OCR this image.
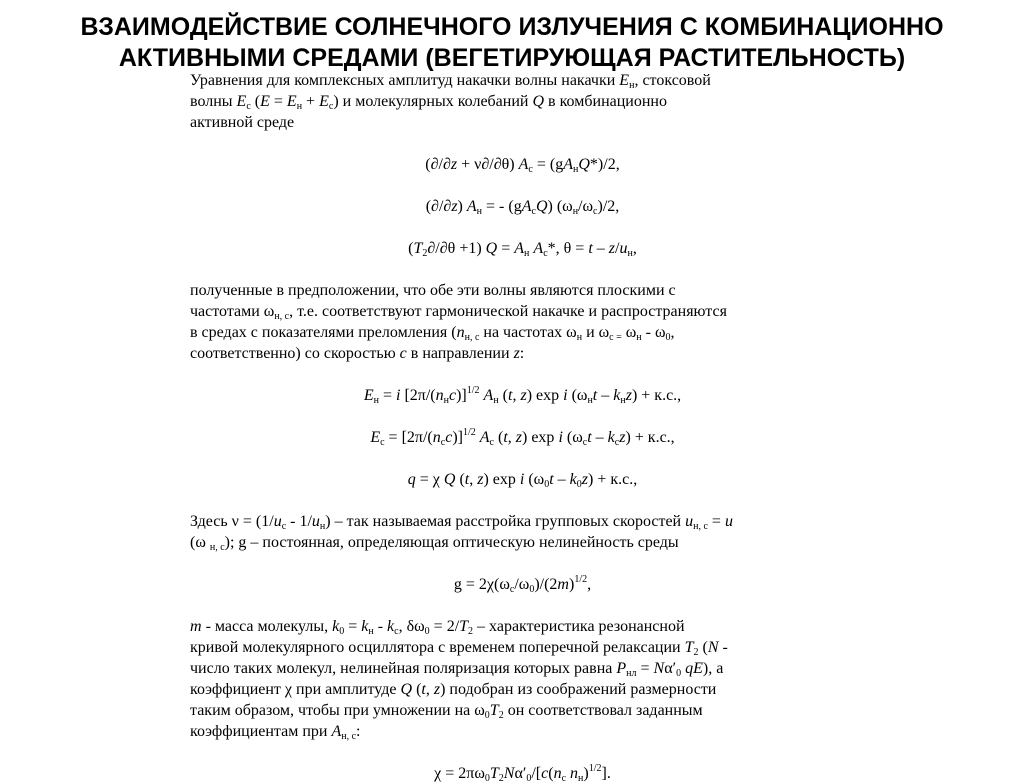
ВЗАИМОДЕЙСТВИЕ СОЛНЕЧНОГО ИЗЛУЧЕНИЯ С КОМБИНАЦИОННО
АКТИВНЫМИ СРЕДАМИ (ВЕГЕТИРУЮЩАЯ РАСТИТЕЛЬНОСТЬ)

Уравнения для комплексных амплитуд накачки волны накачки $E_н$, стоксовой
волны $E_с$ $(E = E_н + E_с)$ и молекулярных колебаний Q в комбинационно
активной среде

(∂/∂z + ν∂/∂θ) $A_с = (gA_нQ*)/2$,

(∂/∂z) $A_н$ = - $(gA_сQ)$ $(\omega_н/\omega_с)/2$,

$(T_2\partial/\partial\theta +1) Q = A_н$ $A_с*$, $\theta = t - z/u_н$,

полученные в предположении, что обе эти волны являются плоскими с
частотами $\omega_{н, с}$, т.е. соответствуют гармонической накачке и распространяются
в средах с показателями преломления ($n_{н, с}$ на частотах $\omega_н$ и $\omega_{с =}$ $\omega_н - \omega_0$,
соответственно) со скоростью c в направлении z:

$E_н = i$ $[2\pi/(n_нc)]^{1/2}$ $A_н$ (t, z) exp i $(\omega_нt - k_нz) + к.с$.,

$E_с = [2\pi/(n_сc)]^{1/2}$ $A_с$ (t, z) exp i $(\omega_сt - k_сz) + к.с$.,

q = χ Q (t, z) exp i $(\omega_0t - k_0z) + к.с$.,

Здесь $\nu = (1/u_с - 1/u_н)$ – так называемая расстройка групповых скоростей $u_{н, с} = u$
(ω $_{н, с}$); g – постоянная, определяющая оптическую нелинейность среды

$g = 2\chi(\omega_с/\omega_0)/(2m)^{1/2}$,

m - масса молекулы, $k_0 = k_н - k_с$, $\delta\omega_0 = 2/T_2$ – характеристика резонансной
кривой молекулярного осциллятора с временем поперечной релаксации $T_2$ (N -
число таких молекул, нелинейная поляризация которых равна $P_{нл} = N\alpha'_0$ qE), а
коэффициент χ при амплитуде Q (t, z) подобран из соображений размерности
таким образом, чтобы при умножении на $\omega_0T_2$ он соответствовал заданным
коэффициентам при $A_{н, с}$:

$\chi = 2\pi\omega_0T_2N\alpha'_0/[c(n_с$ $n_н)^{1/2}$].
